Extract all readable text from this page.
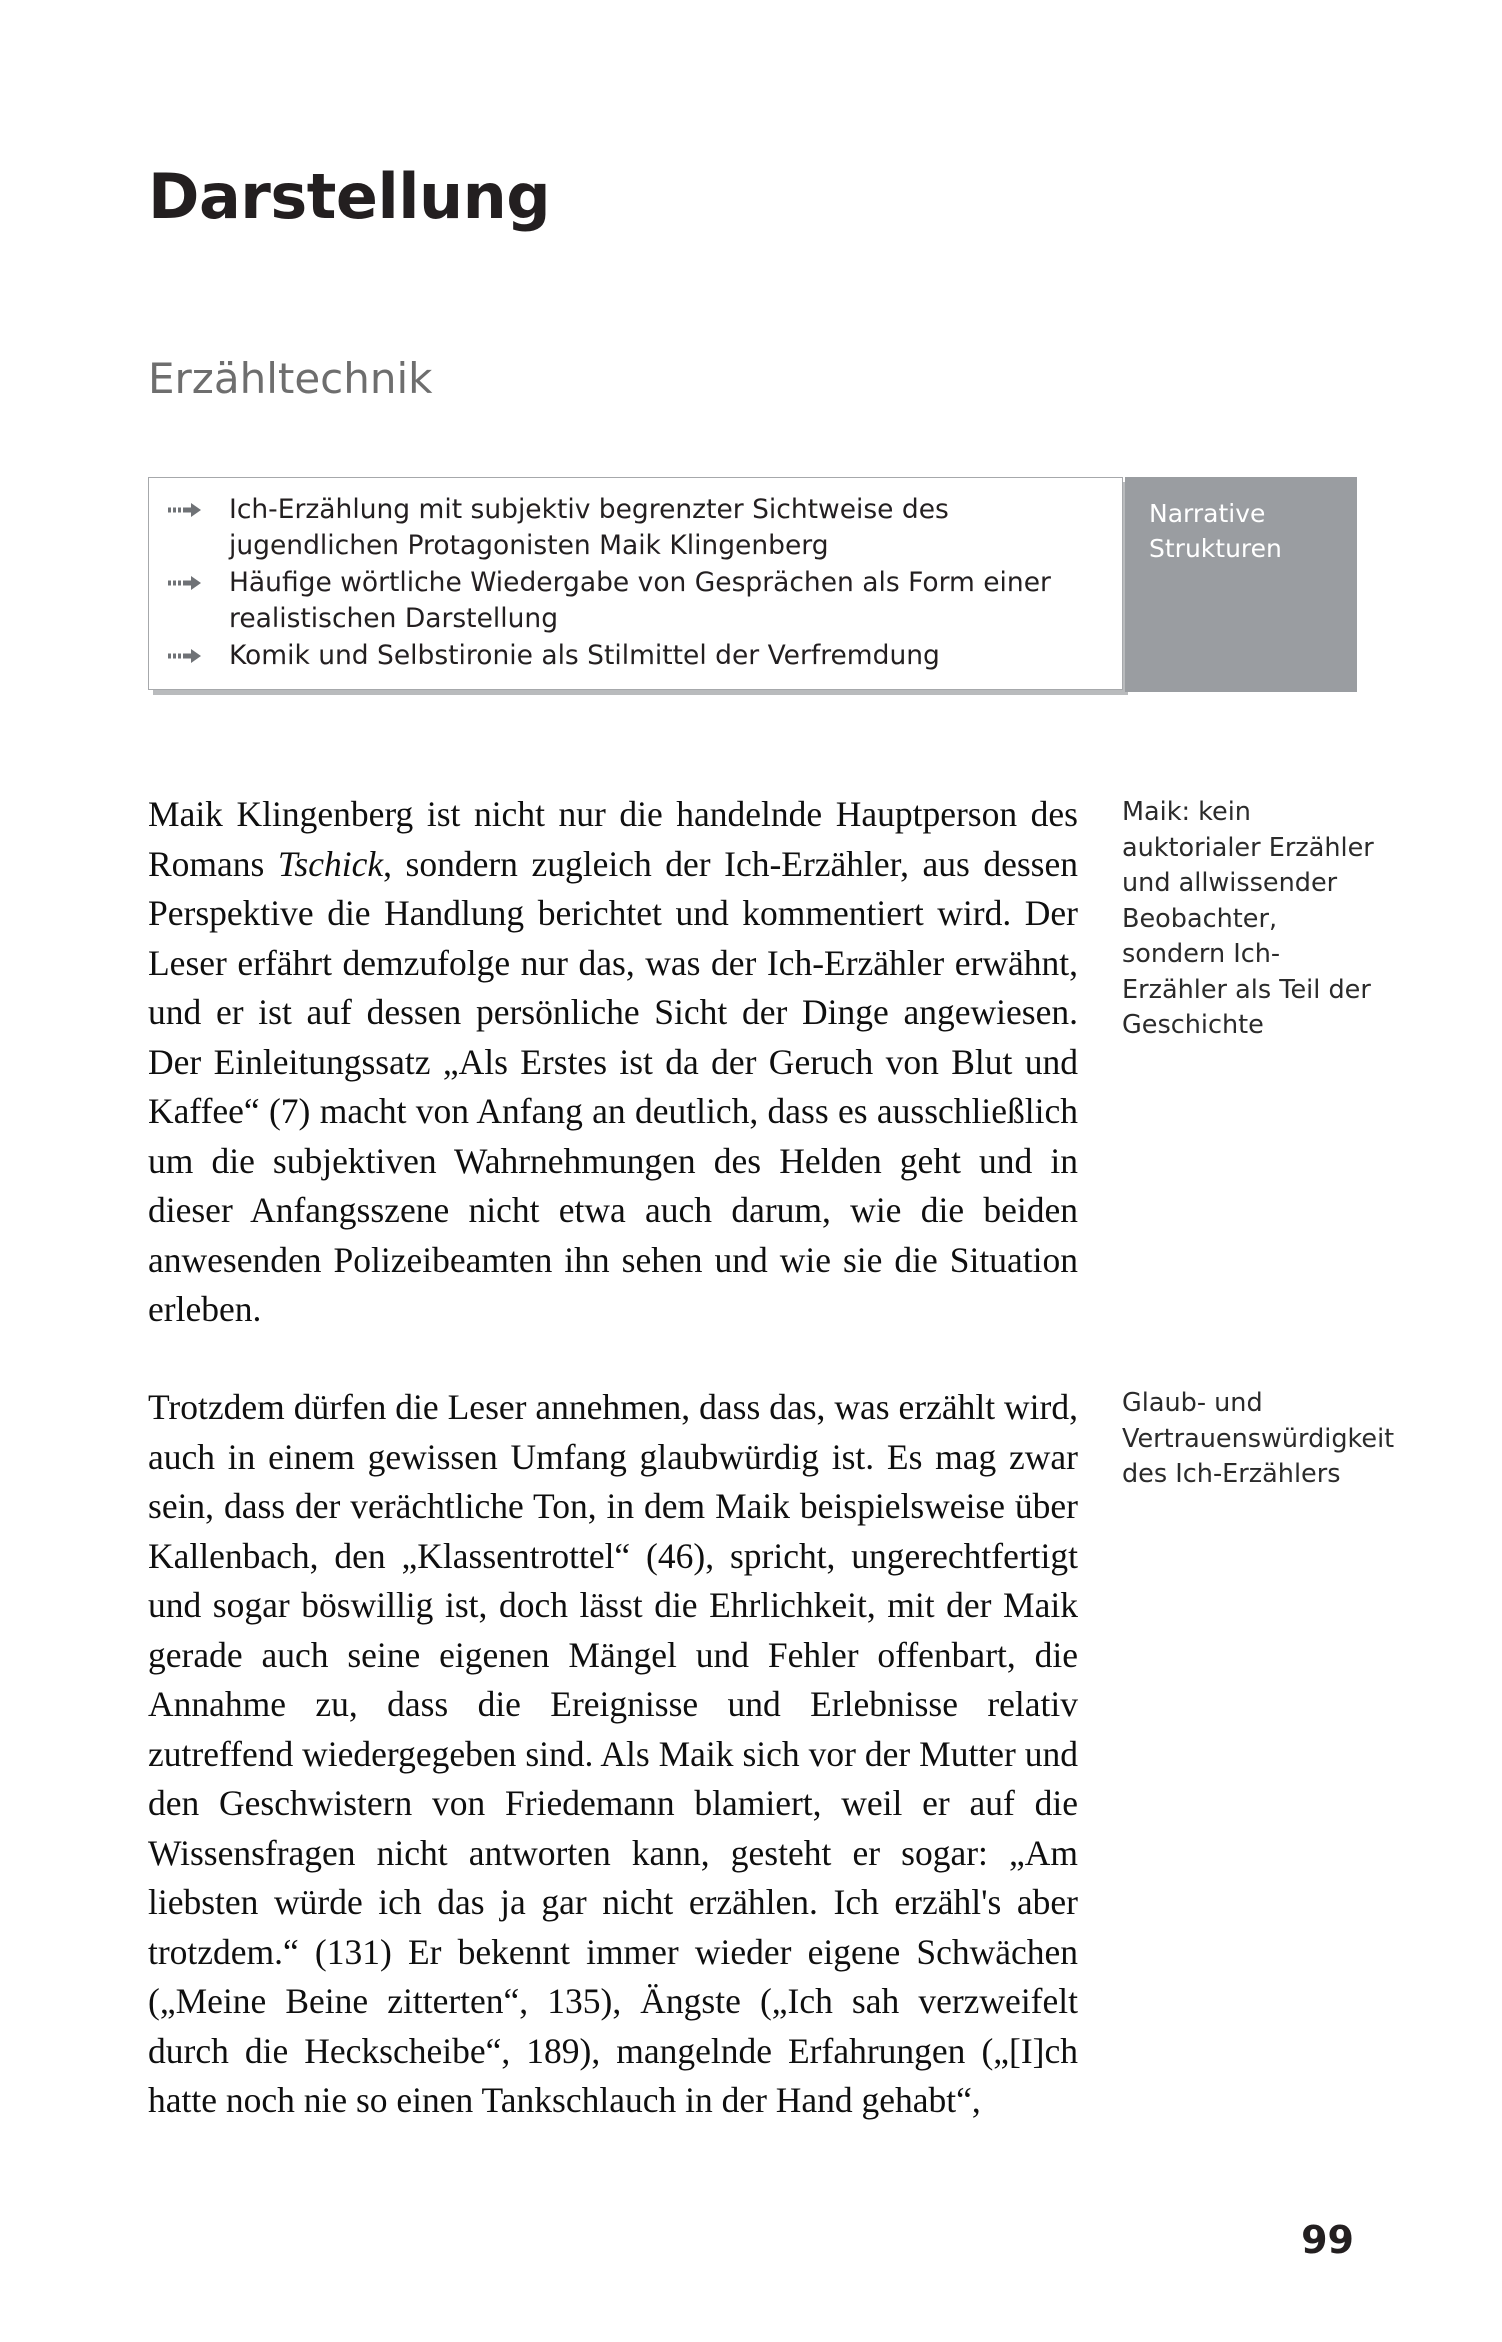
Darstellung
Erzähltechnik
Ich-Erzählung mit subjektiv begrenzter Sichtweise des jugendlichen Protagonisten Maik Klingenberg
Häufige wörtliche Wiedergabe von Gesprächen als Form einer realistischen Darstellung
Komik und Selbstironie als Stilmittel der Verfremdung
Narrative Strukturen

Maik Klingenberg ist nicht nur die handelnde Hauptperson des Romans Tschick, sondern zugleich der Ich-Erzähler, aus dessen Perspektive die Handlung berichtet und kommentiert wird. Der Leser erfährt demzufolge nur das, was der Ich-Erzähler erwähnt, und er ist auf dessen persönliche Sicht der Dinge angewiesen. Der Einleitungssatz „Als Erstes ist da der Geruch von Blut und Kaffee“ (7) macht von Anfang an deutlich, dass es ausschließlich um die subjektiven Wahrnehmungen des Helden geht und in dieser Anfangsszene nicht etwa auch darum, wie die beiden anwesenden Polizeibeamten ihn sehen und wie sie die Situation erleben.

Trotzdem dürfen die Leser annehmen, dass das, was erzählt wird, auch in einem gewissen Umfang glaubwürdig ist. Es mag zwar sein, dass der verächtliche Ton, in dem Maik beispielsweise über Kallenbach, den „Klassentrottel“ (46), spricht, ungerechtfertigt und sogar böswillig ist, doch lässt die Ehrlichkeit, mit der Maik gerade auch seine eigenen Mängel und Fehler offenbart, die Annahme zu, dass die Ereignisse und Erlebnisse relativ zutreffend wiedergegeben sind. Als Maik sich vor der Mutter und den Geschwistern von Friedemann blamiert, weil er auf die Wissensfragen nicht antworten kann, gesteht er sogar: „Am liebsten würde ich das ja gar nicht erzählen. Ich erzähl's aber trotzdem.“ (131) Er bekennt immer wieder eigene Schwächen („Meine Beine zitterten“, 135), Ängste („Ich sah verzweifelt durch die Heckscheibe“, 189), mangelnde Erfahrungen („[I]ch hatte noch nie so einen Tankschlauch in der Hand gehabt“,

Maik: kein auktorialer Erzähler und allwissender Beobachter, sondern Ich-Erzähler als Teil der Geschichte
Glaub- und Vertrauenswürdigkeit des Ich-Erzählers
99
